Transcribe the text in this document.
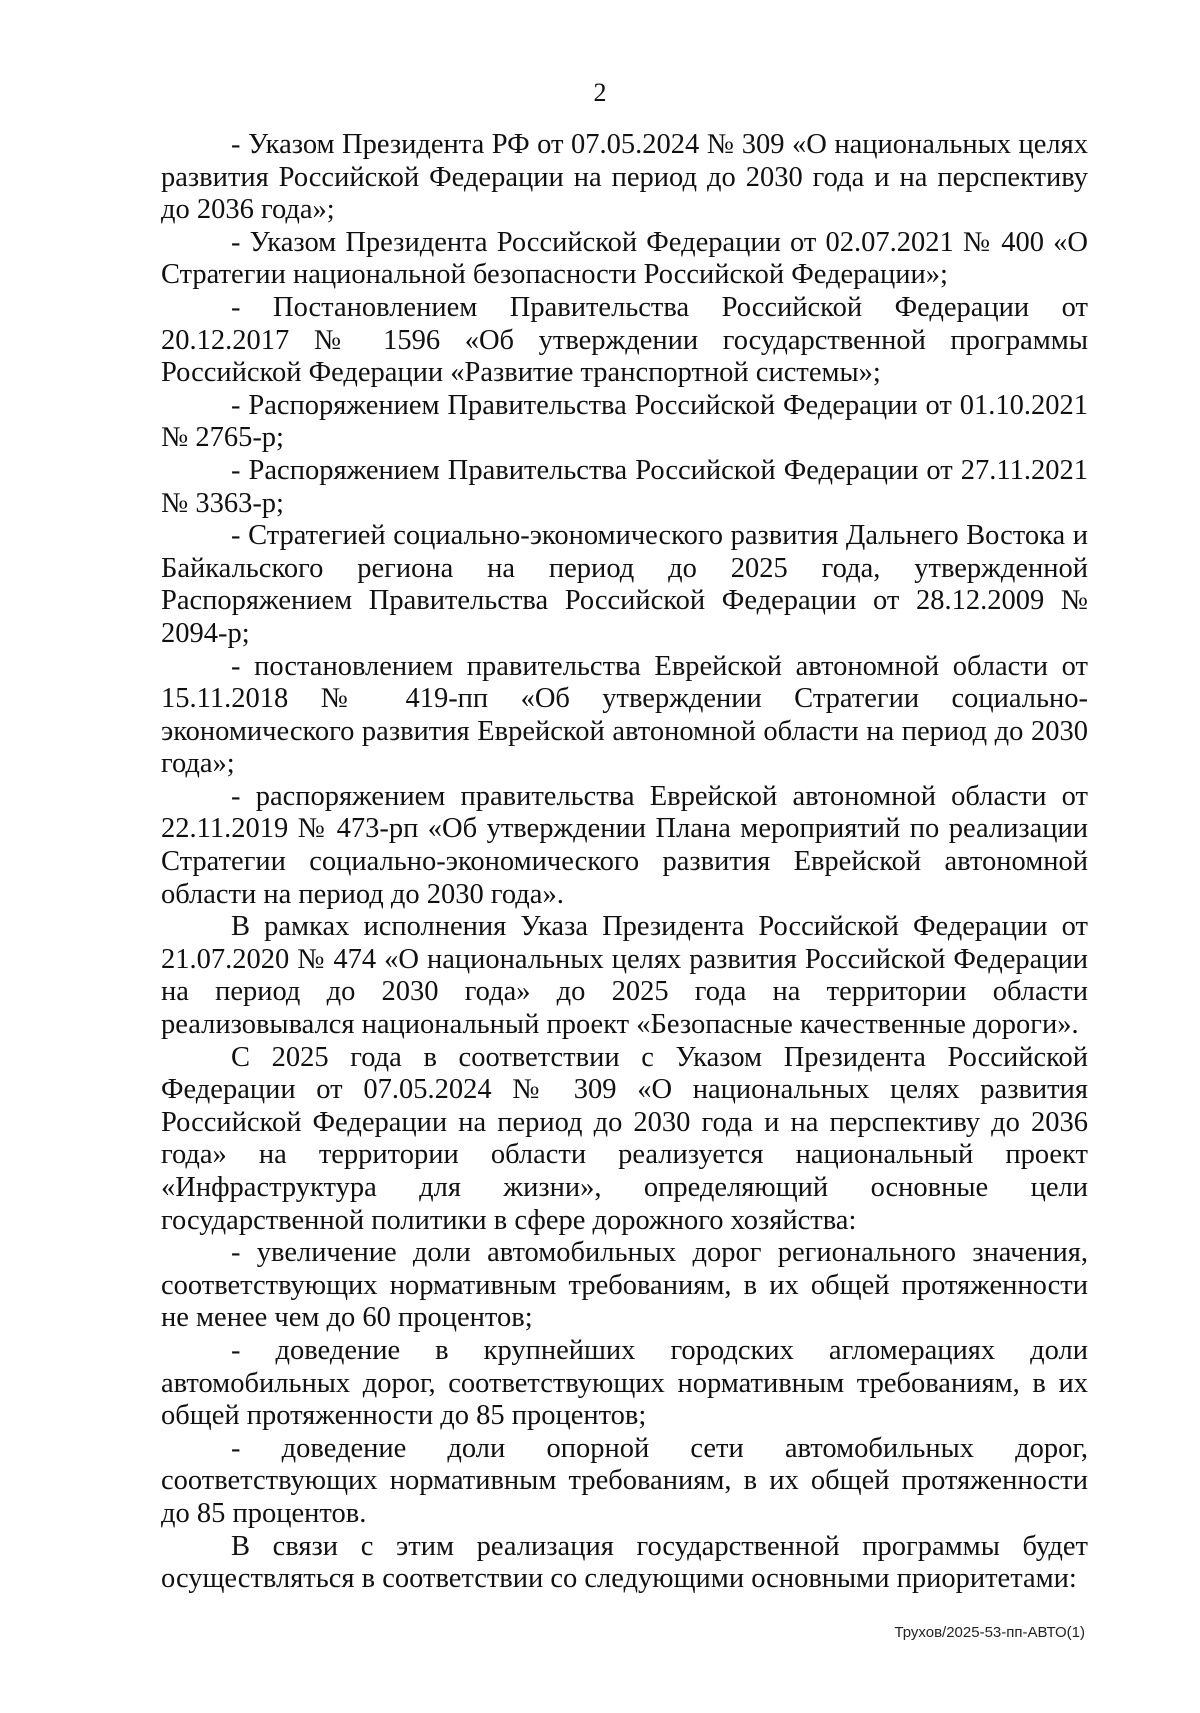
2

- Указом Президента РФ от 07.05.2024 № 309 «О национальных целях развития Российской Федерации на период до 2030 года и на перспективу до 2036 года»;

- Указом Президента Российской Федерации от 02.07.2021 № 400 «О Стратегии национальной безопасности Российской Федерации»;

- Постановлением Правительства Российской Федерации от 20.12.2017 № 1596 «Об утверждении государственной программы Российской Федерации «Развитие транспортной системы»;

- Распоряжением Правительства Российской Федерации от 01.10.2021 № 2765-р;

- Распоряжением Правительства Российской Федерации от 27.11.2021 № 3363-р;

- Стратегией социально-экономического развития Дальнего Востока и Байкальского региона на период до 2025 года, утвержденной Распоряжением Правительства Российской Федерации от 28.12.2009 № 2094-р;

- постановлением правительства Еврейской автономной области от 15.11.2018 № 419-пп «Об утверждении Стратегии социально-экономического развития Еврейской автономной области на период до 2030 года»;

- распоряжением правительства Еврейской автономной области от 22.11.2019 № 473-рп «Об утверждении Плана мероприятий по реализации Стратегии социально-экономического развития Еврейской автономной области на период до 2030 года».

В рамках исполнения Указа Президента Российской Федерации от 21.07.2020 № 474 «О национальных целях развития Российской Федерации на период до 2030 года» до 2025 года на территории области реализовывался национальный проект «Безопасные качественные дороги».

С 2025 года в соответствии с Указом Президента Российской Федерации от 07.05.2024 № 309 «О национальных целях развития Российской Федерации на период до 2030 года и на перспективу до 2036 года» на территории области реализуется национальный проект «Инфраструктура для жизни», определяющий основные цели государственной политики в сфере дорожного хозяйства:

- увеличение доли автомобильных дорог регионального значения, соответствующих нормативным требованиям, в их общей протяженности не менее чем до 60 процентов;

- доведение в крупнейших городских агломерациях доли автомобильных дорог, соответствующих нормативным требованиям, в их общей протяженности до 85 процентов;

- доведение доли опорной сети автомобильных дорог, соответствующих нормативным требованиям, в их общей протяженности до 85 процентов.

В связи с этим реализация государственной программы будет осуществляться в соответствии со следующими основными приоритетами:

Трухов/2025-53-пп-АВТО(1)
